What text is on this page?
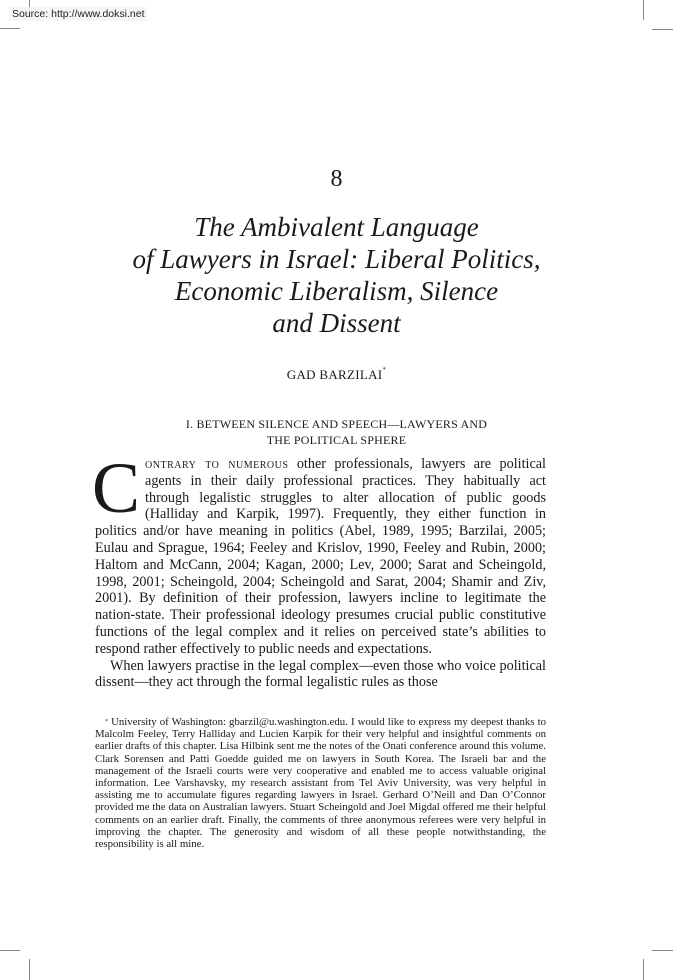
Source: http://www.doksi.net
8
The Ambivalent Language
of Lawyers in Israel: Liberal Politics,
Economic Liberalism, Silence
and Dissent
GAD BARZILAI*
I. BETWEEN SILENCE AND SPEECH—LAWYERS AND
THE POLITICAL SPHERE

Contrary to numerous other professionals, lawyers are political agents in their daily professional practices. They habitually act through legalistic struggles to alter allocation of public goods (Halliday and Karpik, 1997). Frequently, they either function in politics and/or have meaning in politics (Abel, 1989, 1995; Barzilai, 2005; Eulau and Sprague, 1964; Feeley and Krislov, 1990, Feeley and Rubin, 2000; Haltom and McCann, 2004; Kagan, 2000; Lev, 2000; Sarat and Scheingold, 1998, 2001; Scheingold, 2004; Scheingold and Sarat, 2004; Shamir and Ziv, 2001). By definition of their profession, lawyers incline to legitimate the nation-state. Their professional ideology presumes crucial public constitutive functions of the legal complex and it relies on perceived state’s abilities to respond rather effectively to public needs and expectations.

When lawyers practise in the legal complex—even those who voice political dissent—they act through the formal legalistic rules as those

* University of Washington: gbarzil@u.washington.edu. I would like to express my deepest thanks to Malcolm Feeley, Terry Halliday and Lucien Karpik for their very helpful and insightful comments on earlier drafts of this chapter. Lisa Hilbink sent me the notes of the Onati conference around this volume. Clark Sorensen and Patti Goedde guided me on lawyers in South Korea. The Israeli bar and the management of the Israeli courts were very cooperative and enabled me to access valuable original information. Lee Varshavsky, my research assistant from Tel Aviv University, was very helpful in assisting me to accumulate figures regarding lawyers in Israel. Gerhard O’Neill and Dan O’Connor provided me the data on Australian lawyers. Stuart Scheingold and Joel Migdal offered me their helpful comments on an earlier draft. Finally, the comments of three anonymous referees were very helpful in improving the chapter. The generosity and wisdom of all these people notwithstanding, the responsibility is all mine.
